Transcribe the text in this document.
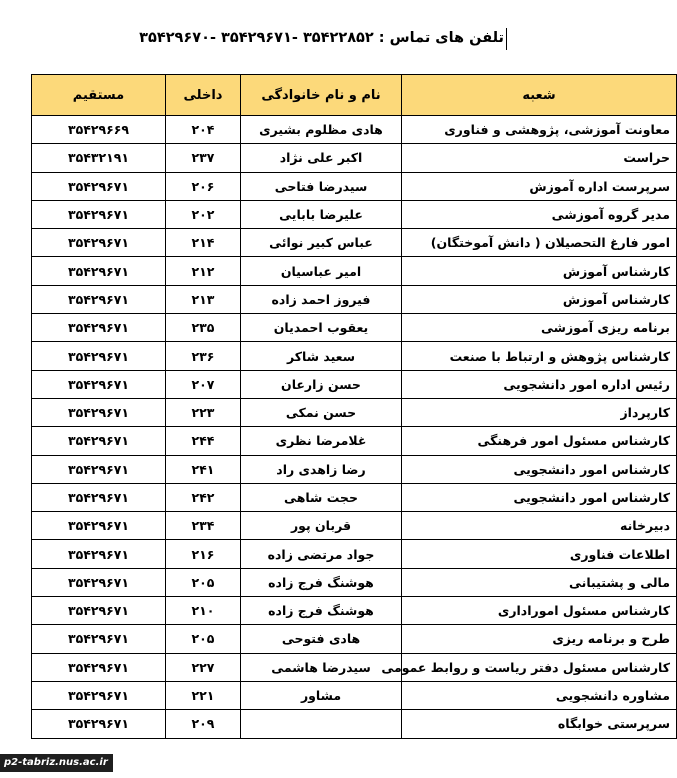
تلفن های تماس : ۳۵۴۲۲۸۵۲ -۳۵۴۲۹۶۷۱ -۳۵۴۲۹۶۷۰
شعبه	نام و نام خانوادگی	داخلی	مستقیم
معاونت آموزشی، پژوهشی و فناوری	هادی مظلوم بشیری	۲۰۴	۳۵۴۲۹۶۶۹
حراست	اکبر علی نژاد	۲۳۷	۳۵۴۳۲۱۹۱
سرپرست اداره آموزش	سیدرضا فتاحی	۲۰۶	۳۵۴۲۹۶۷۱
مدیر گروه آموزشی	علیرضا بابایی	۲۰۲	۳۵۴۲۹۶۷۱
امور فارغ التحصیلان ( دانش آموختگان)	عباس کبیر نوائی	۲۱۴	۳۵۴۲۹۶۷۱
کارشناس آموزش	امیر عباسیان	۲۱۲	۳۵۴۲۹۶۷۱
کارشناس آموزش	فیروز احمد زاده	۲۱۳	۳۵۴۲۹۶۷۱
برنامه ریزی آموزشی	یعقوب احمدیان	۲۳۵	۳۵۴۲۹۶۷۱
کارشناس پژوهش و ارتباط با صنعت	سعید شاکر	۲۳۶	۳۵۴۲۹۶۷۱
رئیس اداره امور دانشجویی	حسن زارعان	۲۰۷	۳۵۴۲۹۶۷۱
کارپرداز	حسن نمکی	۲۲۳	۳۵۴۲۹۶۷۱
کارشناس مسئول امور فرهنگی	غلامرضا نظری	۲۴۴	۳۵۴۲۹۶۷۱
کارشناس امور دانشجویی	رضا زاهدی راد	۲۴۱	۳۵۴۲۹۶۷۱
کارشناس امور دانشجویی	حجت شاهی	۲۴۲	۳۵۴۲۹۶۷۱
دبیرخانه	قربان پور	۲۳۴	۳۵۴۲۹۶۷۱
اطلاعات فناوری	جواد مرتضی زاده	۲۱۶	۳۵۴۲۹۶۷۱
مالی و پشتیبانی	هوشنگ فرج زاده	۲۰۵	۳۵۴۲۹۶۷۱
کارشناس مسئول اموراداری	هوشنگ فرج زاده	۲۱۰	۳۵۴۲۹۶۷۱
طرح و برنامه ریزی	هادی فتوحی	۲۰۵	۳۵۴۲۹۶۷۱
کارشناس مسئول دفتر ریاست و روابط عمومی	سیدرضا هاشمی	۲۲۷	۳۵۴۲۹۶۷۱
مشاوره دانشجویی	مشاور	۲۲۱	۳۵۴۲۹۶۷۱
سرپرستی خوابگاه		۲۰۹	۳۵۴۲۹۶۷۱
p2-tabriz.nus.ac.ir
